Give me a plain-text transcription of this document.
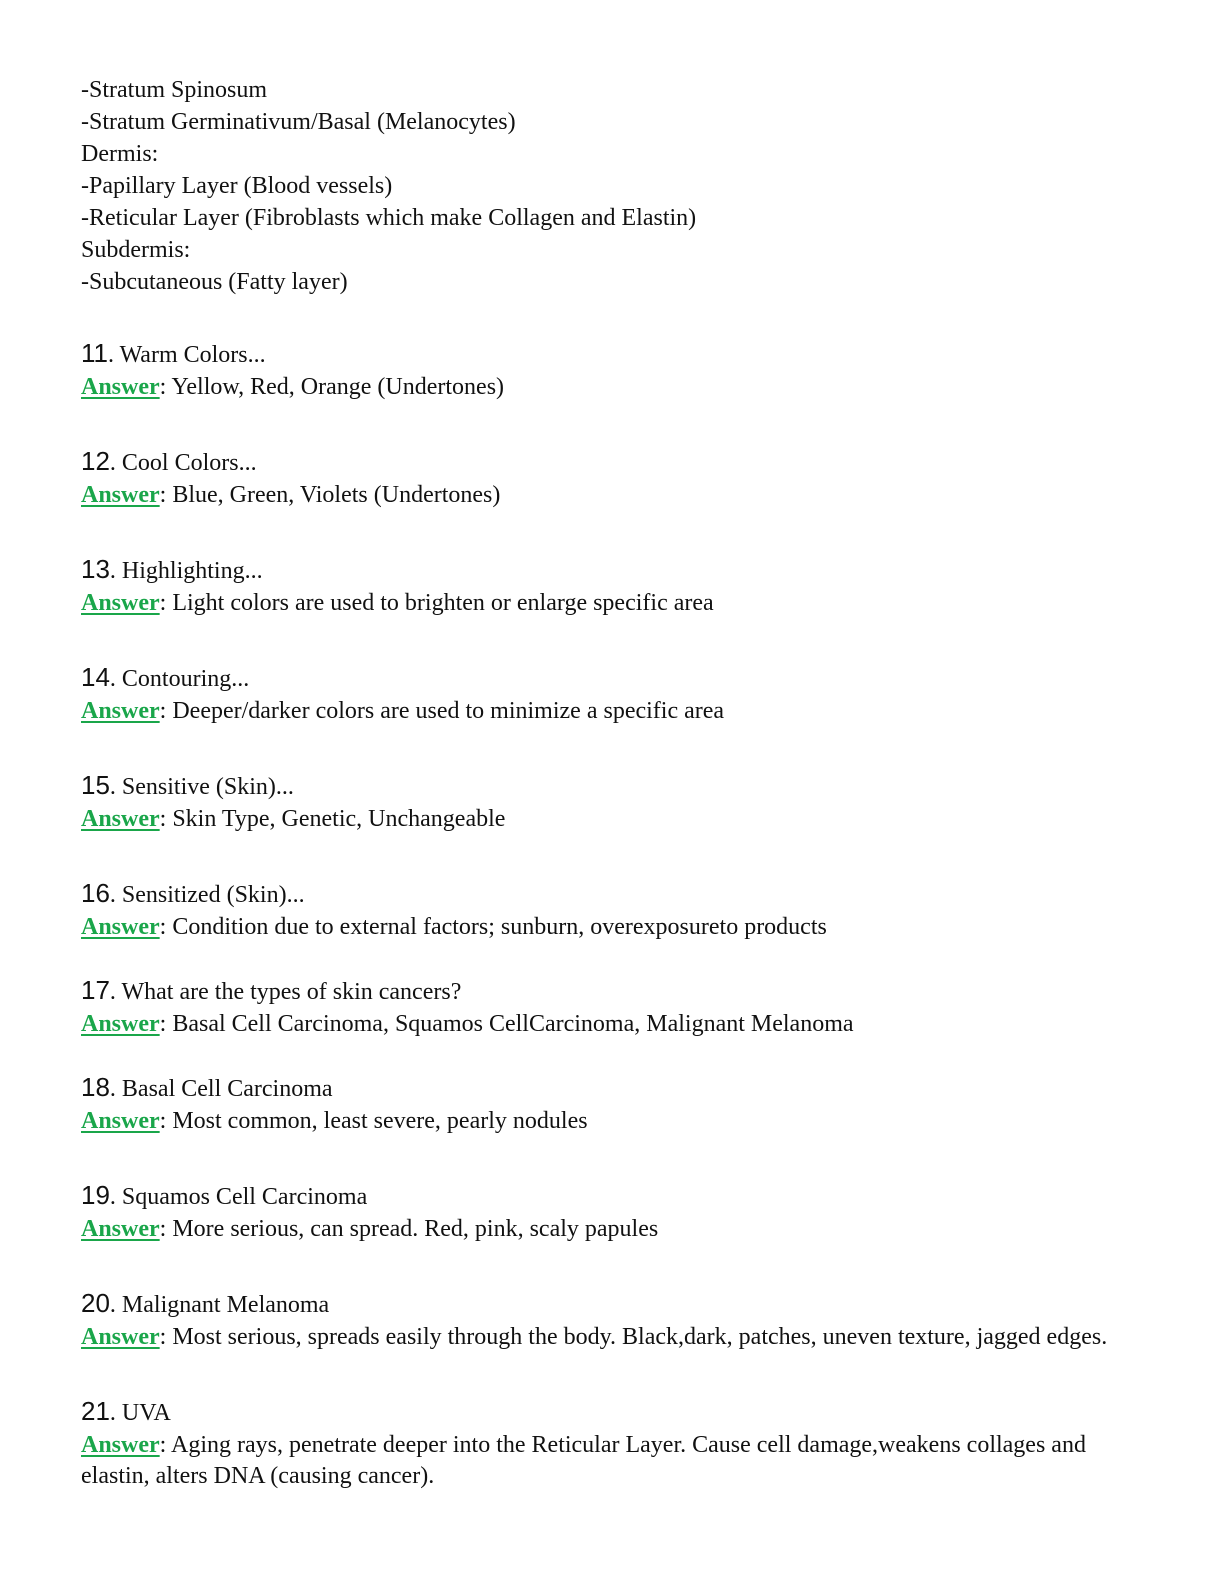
-Stratum Spinosum
-Stratum Germinativum/Basal (Melanocytes)
Dermis:
-Papillary Layer (Blood vessels)
-Reticular Layer (Fibroblasts which make Collagen and Elastin)
Subdermis:
-Subcutaneous (Fatty layer)
11. Warm Colors...
Answer: Yellow, Red, Orange (Undertones)
12. Cool Colors...
Answer: Blue, Green, Violets (Undertones)
13. Highlighting...
Answer: Light colors are used to brighten or enlarge specific area
14. Contouring...
Answer: Deeper/darker colors are used to minimize a specific area
15. Sensitive (Skin)...
Answer: Skin Type, Genetic, Unchangeable
16. Sensitized (Skin)...
Answer: Condition due to external factors; sunburn, overexposureto products
17. What are the types of skin cancers?
Answer: Basal Cell Carcinoma, Squamos CellCarcinoma, Malignant Melanoma
18. Basal Cell Carcinoma
Answer: Most common, least severe, pearly nodules
19. Squamos Cell Carcinoma
Answer: More serious, can spread. Red, pink, scaly papules
20. Malignant Melanoma
Answer: Most serious, spreads easily through the body. Black,dark, patches, uneven texture, jagged edges.
21. UVA
Answer: Aging rays, penetrate deeper into the Reticular Layer. Cause cell damage,weakens collages and elastin, alters DNA (causing cancer).
